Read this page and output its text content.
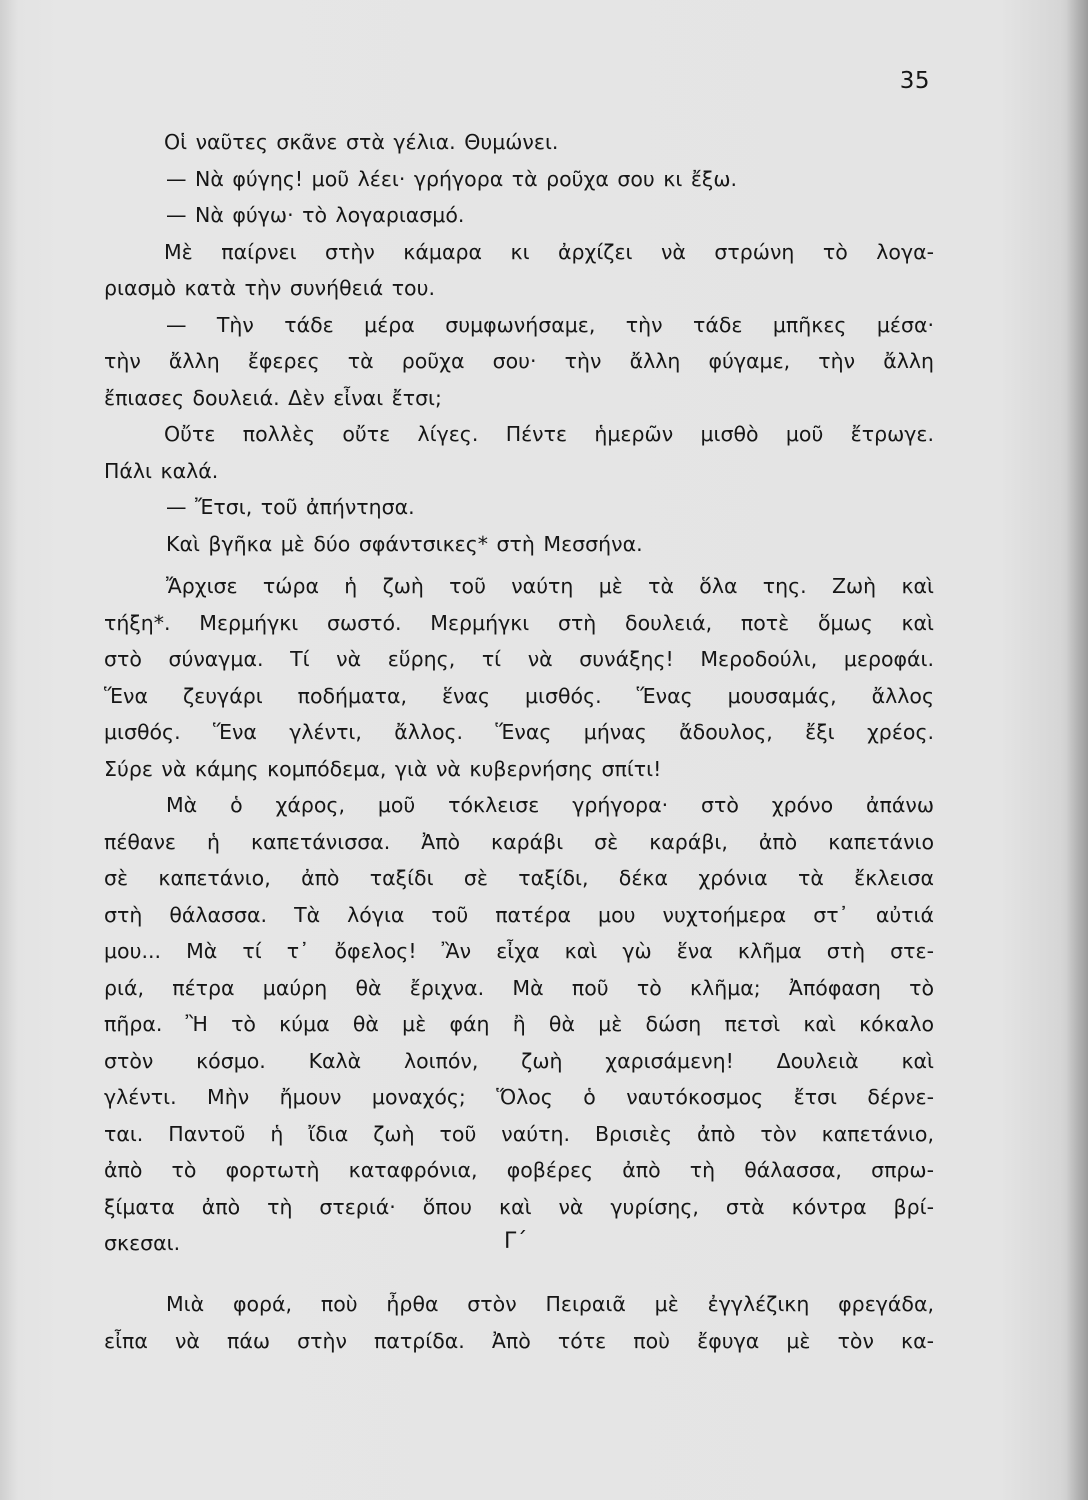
35
Οἱ ναῦτες σκᾶνε στὰ γέλια. Θυμώνει.
— Νὰ φύγης! μοῦ λέει· γρήγορα τὰ ροῦχα σου κι ἔξω.
— Νὰ φύγω· τὸ λογαριασμό.
Μὲ παίρνει στὴν κάμαρα κι ἀρχίζει νὰ στρώνη τὸ λογα-
ριασμὸ κατὰ τὴν συνήθειά του.
— Τὴν τάδε μέρα συμφωνήσαμε, τὴν τάδε μπῆκες μέσα·
τὴν ἄλλη ἔφερες τὰ ροῦχα σου· τὴν ἄλλη φύγαμε, τὴν ἄλλη
ἔπιασες δουλειά. Δὲν εἶναι ἔτσι;
Οὔτε πολλὲς οὔτε λίγες. Πέντε ἡμερῶν μισθὸ μοῦ ἔτρωγε.
Πάλι καλά.
— Ἔτσι, τοῦ ἀπήντησα.
Καὶ βγῆκα μὲ δύο σφάντσικες* στὴ Μεσσήνα.
Ἄρχισε τώρα ἡ ζωὴ τοῦ ναύτη μὲ τὰ ὅλα της. Ζωὴ καὶ
τήξη*. Μερμήγκι σωστό. Μερμήγκι στὴ δουλειά, ποτὲ ὅμως καὶ
στὸ σύναγμα. Τί νὰ εὕρης, τί νὰ συνάξης! Μεροδούλι, μεροφάι.
Ἕνα ζευγάρι ποδήματα, ἕνας μισθός. Ἕνας μουσαμάς, ἄλλος
μισθός. Ἕνα γλέντι, ἄλλος. Ἕνας μήνας ἄδουλος, ἔξι χρέος.
Σύρε νὰ κάμης κομπόδεμα, γιὰ νὰ κυβερνήσης σπίτι!
Μὰ ὁ χάρος, μοῦ τόκλεισε γρήγορα· στὸ χρόνο ἀπάνω
πέθανε ἡ καπετάνισσα. Ἀπὸ καράβι σὲ καράβι, ἀπὸ καπετάνιο
σὲ καπετάνιο, ἀπὸ ταξίδι σὲ ταξίδι, δέκα χρόνια τὰ ἔκλεισα
στὴ θάλασσα. Τὰ λόγια τοῦ πατέρα μου νυχτοήμερα στ᾽ αὐτιά
μου... Μὰ τί τ᾽ ὄφελος! Ἂν εἶχα καὶ γὼ ἕνα κλῆμα στὴ στε-
ριά, πέτρα μαύρη θὰ ἔριχνα. Μὰ ποῦ τὸ κλῆμα; Ἀπόφαση τὸ
πῆρα. Ἢ τὸ κύμα θὰ μὲ φάη ἢ θὰ μὲ δώση πετσὶ καὶ κόκαλο
στὸν κόσμο. Καλὰ λοιπόν, ζωὴ χαρισάμενη! Δουλειὰ καὶ
γλέντι. Μὴν ἤμουν μοναχός; Ὅλος ὁ ναυτόκοσμος ἔτσι δέρνε-
ται. Παντοῦ ἡ ἴδια ζωὴ τοῦ ναύτη. Βρισιὲς ἀπὸ τὸν καπετάνιο,
ἀπὸ τὸ φορτωτὴ καταφρόνια, φοβέρες ἀπὸ τὴ θάλασσα, σπρω-
ξίματα ἀπὸ τὴ στεριά· ὅπου καὶ νὰ γυρίσης, στὰ κόντρα βρί-
σκεσαι.	Γ΄
Μιὰ φορά, ποὺ ἦρθα στὸν Πειραιᾶ μὲ ἐγγλέζικη φρεγάδα,
εἶπα νὰ πάω στὴν πατρίδα. Ἀπὸ τότε ποὺ ἔφυγα μὲ τὸν κα-
